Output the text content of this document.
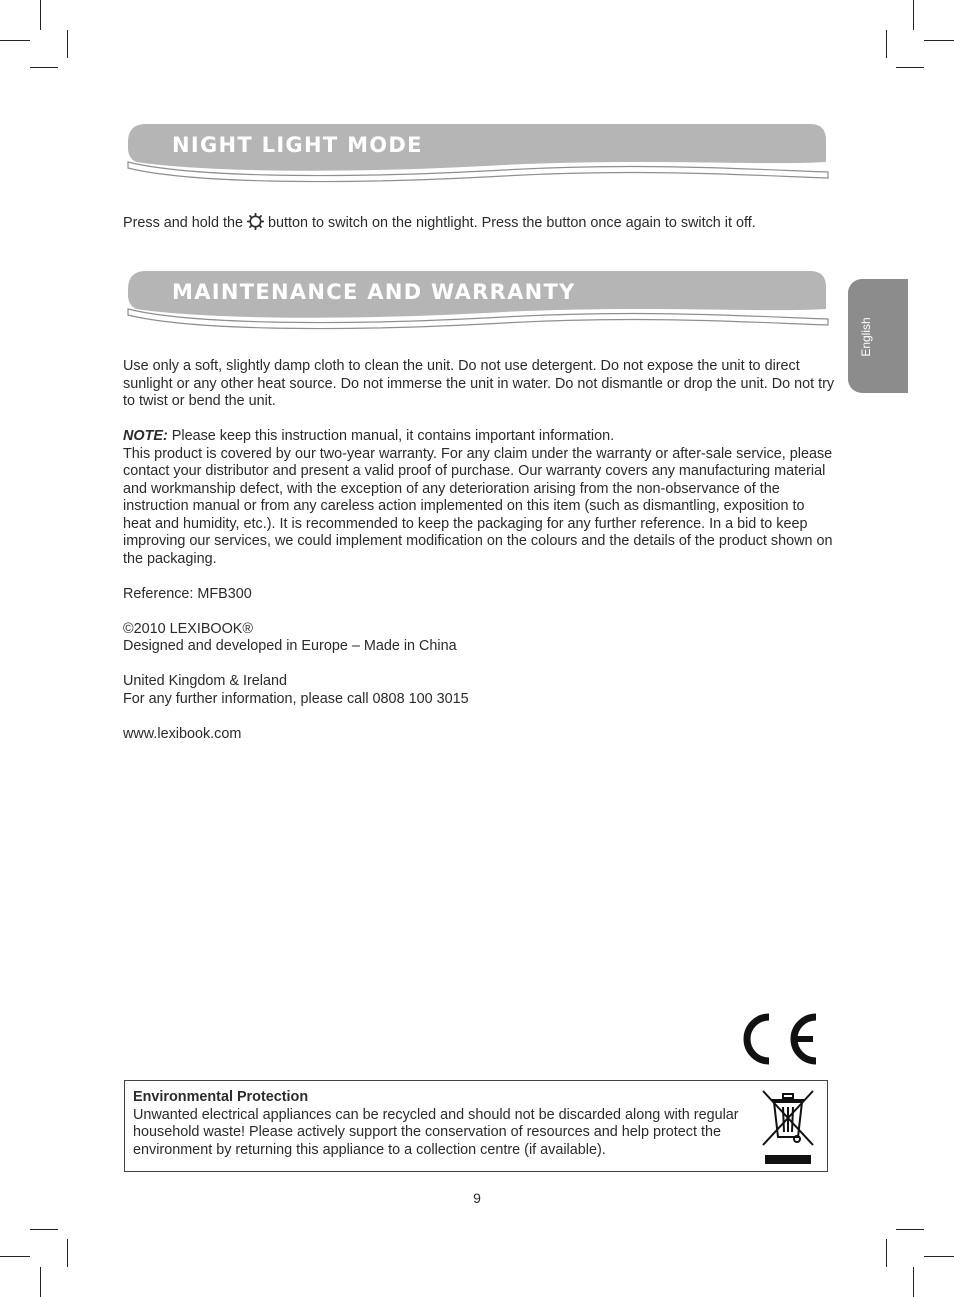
NIGHT LIGHT MODE

Press and hold the button to switch on the nightlight. Press the button once again to switch it off.

MAINTENANCE AND WARRANTY

Use only a soft, slightly damp cloth to clean the unit. Do not use detergent. Do not expose the unit to direct sunlight or any other heat source. Do not immerse the unit in water. Do not dismantle or drop the unit. Do not try to twist or bend the unit.

NOTE: Please keep this instruction manual, it contains important information.

This product is covered by our two-year warranty. For any claim under the warranty or after-sale service, please contact your distributor and present a valid proof of purchase. Our warranty covers any manufacturing material and workmanship defect, with the exception of any deterioration arising from the non-observance of the instruction manual or from any careless action implemented on this item (such as dismantling, exposition to heat and humidity, etc.). It is recommended to keep the packaging for any further reference. In a bid to keep improving our services, we could implement modification on the colours and the details of the product shown on the packaging.

Reference: MFB300

©2010 LEXIBOOK®

Designed and developed in Europe – Made in China

United Kingdom & Ireland

For any further information, please call 0808 100 3015

www.lexibook.com

English
Environmental Protection
Unwanted electrical appliances can be recycled and should not be discarded along with regular household waste! Please actively support the conservation of resources and help protect the environment by returning this appliance to a collection centre (if available).
9
